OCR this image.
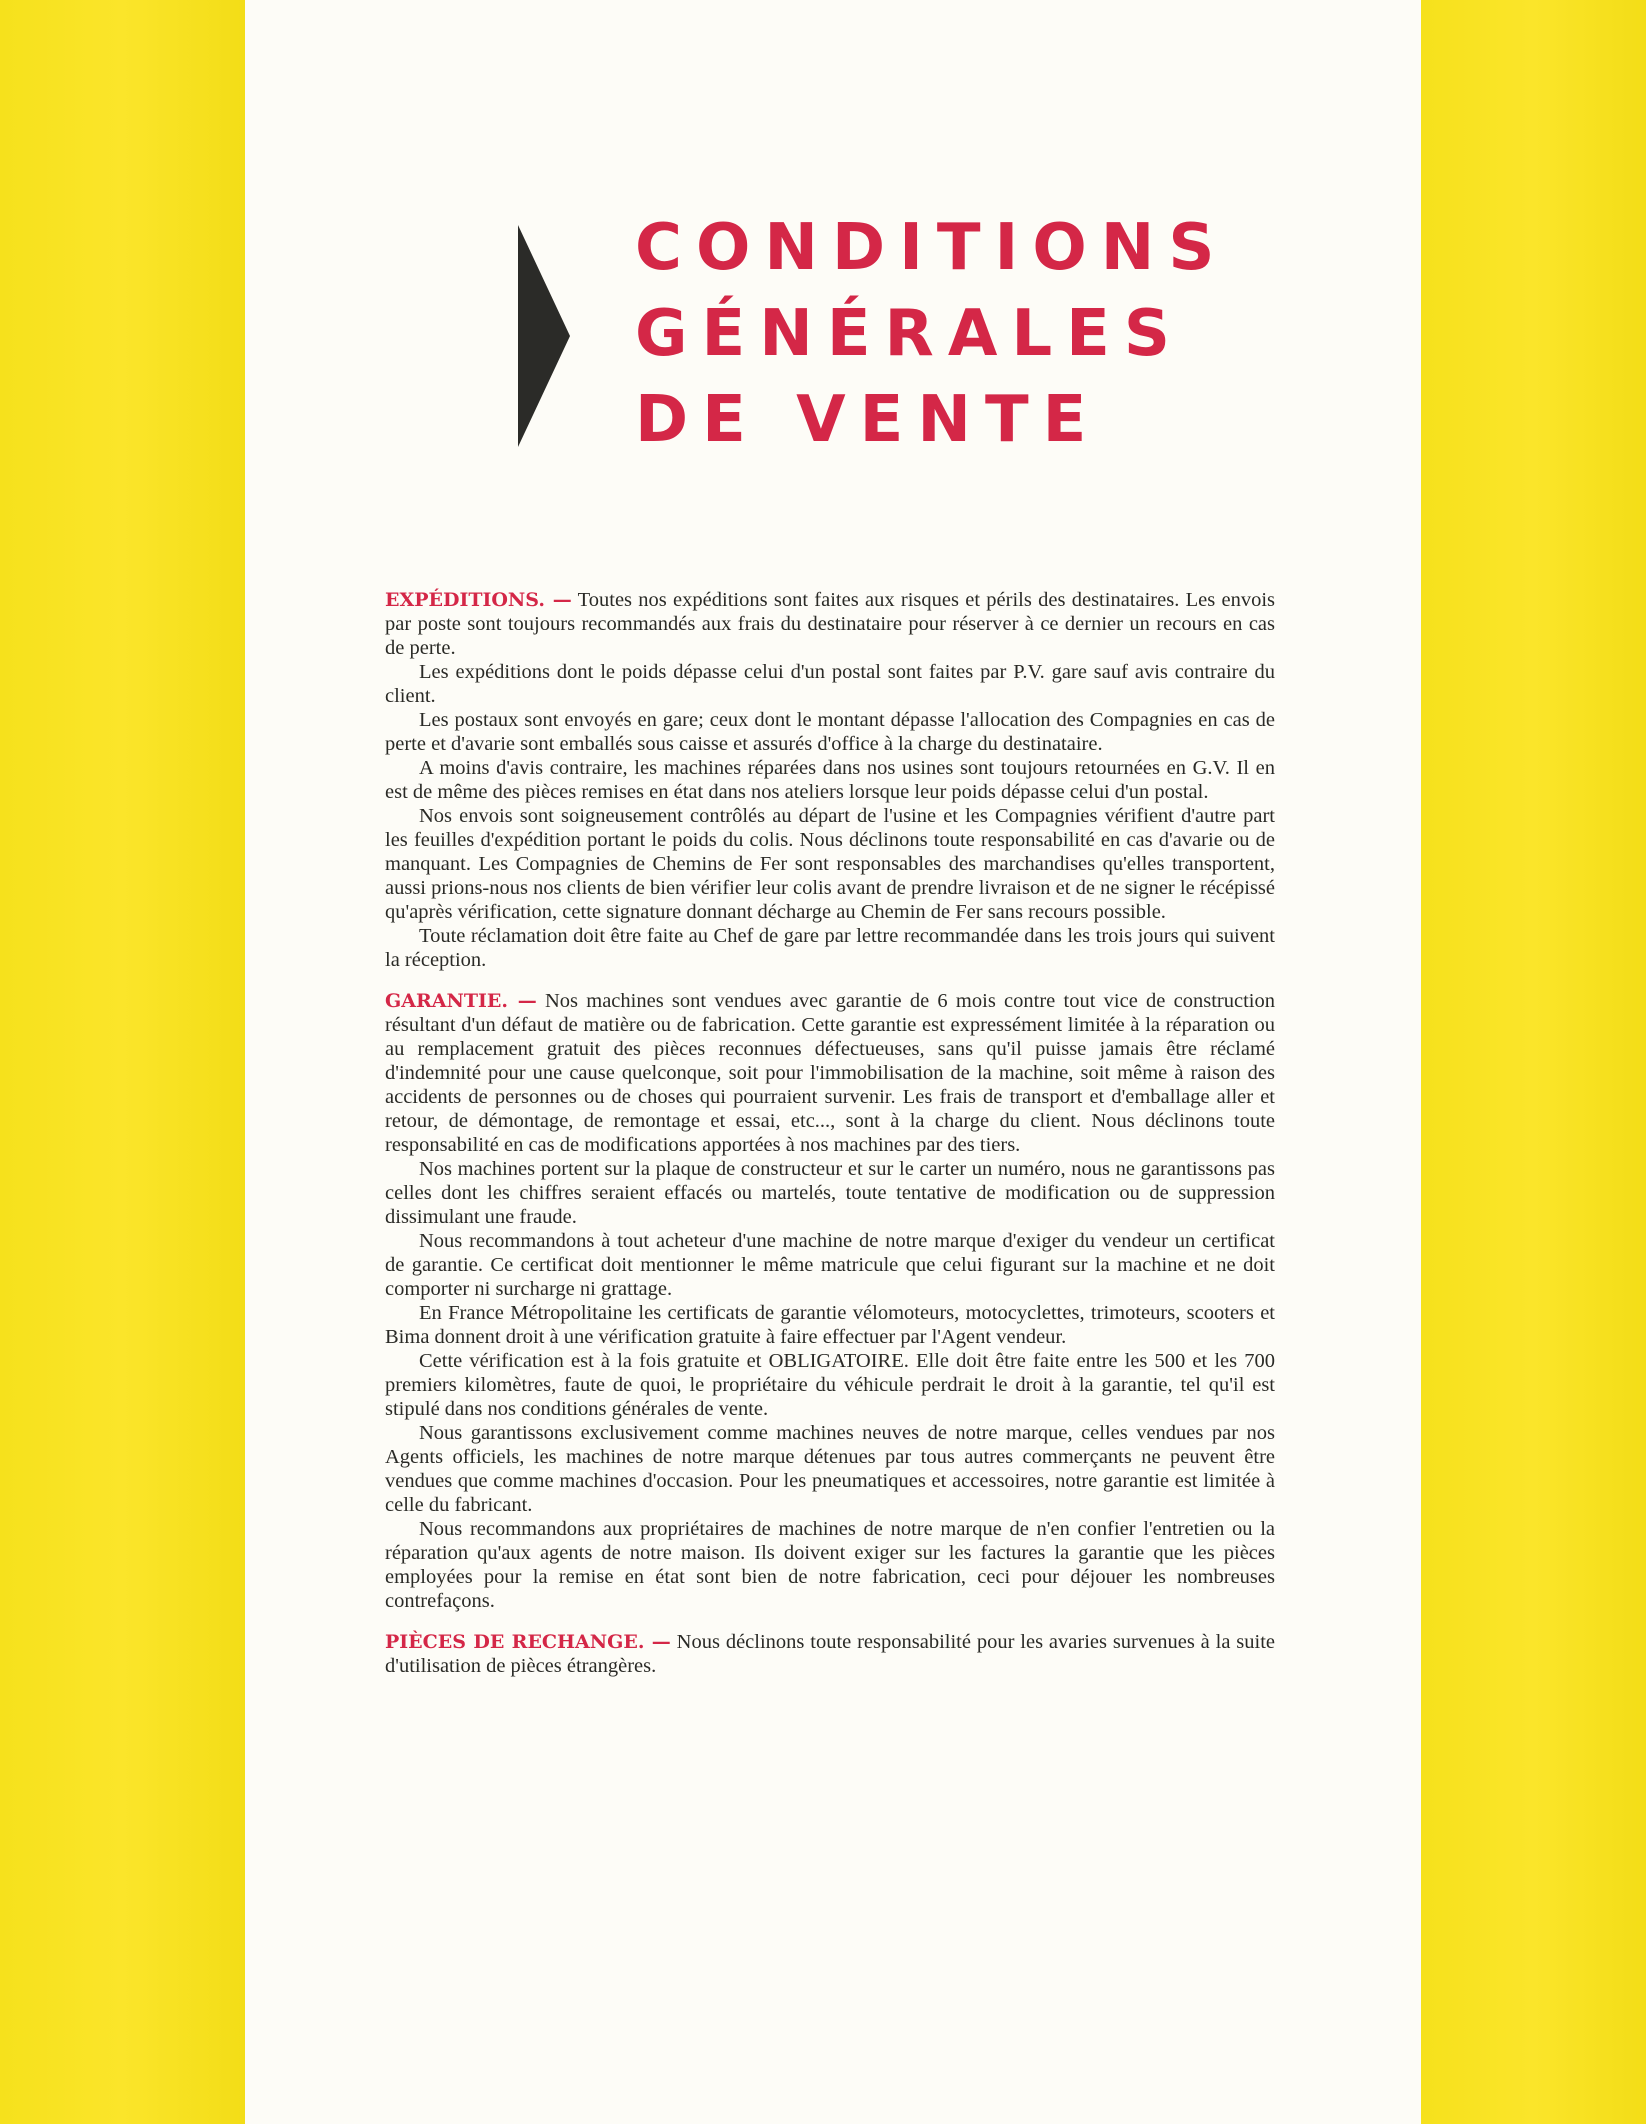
CONDITIONS
GÉNÉRALES
DE VENTE

EXPÉDITIONS. — Toutes nos expéditions sont faites aux risques et périls des destinataires. Les envois par poste sont toujours recommandés aux frais du destinataire pour réserver à ce dernier un recours en cas de perte.

Les expéditions dont le poids dépasse celui d'un postal sont faites par P.V. gare sauf avis contraire du client.

Les postaux sont envoyés en gare; ceux dont le montant dépasse l'allocation des Compagnies en cas de perte et d'avarie sont emballés sous caisse et assurés d'office à la charge du destinataire.

A moins d'avis contraire, les machines réparées dans nos usines sont toujours retournées en G.V. Il en est de même des pièces remises en état dans nos ateliers lorsque leur poids dépasse celui d'un postal.

Nos envois sont soigneusement contrôlés au départ de l'usine et les Compagnies vérifient d'autre part les feuilles d'expédition portant le poids du colis. Nous déclinons toute responsabilité en cas d'avarie ou de manquant. Les Compagnies de Chemins de Fer sont responsables des marchandises qu'elles transportent, aussi prions-nous nos clients de bien vérifier leur colis avant de prendre livraison et de ne signer le récépissé qu'après vérification, cette signature donnant décharge au Chemin de Fer sans recours possible.

Toute réclamation doit être faite au Chef de gare par lettre recommandée dans les trois jours qui suivent la réception.

GARANTIE. — Nos machines sont vendues avec garantie de 6 mois contre tout vice de construction résultant d'un défaut de matière ou de fabrication. Cette garantie est expressément limitée à la réparation ou au remplacement gratuit des pièces reconnues défectueuses, sans qu'il puisse jamais être réclamé d'indemnité pour une cause quelconque, soit pour l'immobilisation de la machine, soit même à raison des accidents de personnes ou de choses qui pourraient survenir. Les frais de transport et d'emballage aller et retour, de démontage, de remontage et essai, etc..., sont à la charge du client. Nous déclinons toute responsabilité en cas de modifications apportées à nos machines par des tiers.

Nos machines portent sur la plaque de constructeur et sur le carter un numéro, nous ne garantissons pas celles dont les chiffres seraient effacés ou martelés, toute tentative de modification ou de suppression dissimulant une fraude.

Nous recommandons à tout acheteur d'une machine de notre marque d'exiger du vendeur un certificat de garantie. Ce certificat doit mentionner le même matricule que celui figurant sur la machine et ne doit comporter ni surcharge ni grattage.

En France Métropolitaine les certificats de garantie vélomoteurs, motocyclettes, trimoteurs, scooters et Bima donnent droit à une vérification gratuite à faire effectuer par l'Agent vendeur.

Cette vérification est à la fois gratuite et OBLIGATOIRE. Elle doit être faite entre les 500 et les 700 premiers kilomètres, faute de quoi, le propriétaire du véhicule perdrait le droit à la garantie, tel qu'il est stipulé dans nos conditions générales de vente.

Nous garantissons exclusivement comme machines neuves de notre marque, celles vendues par nos Agents officiels, les machines de notre marque détenues par tous autres commerçants ne peuvent être vendues que comme machines d'occasion. Pour les pneumatiques et accessoires, notre garantie est limitée à celle du fabricant.

Nous recommandons aux propriétaires de machines de notre marque de n'en confier l'entretien ou la réparation qu'aux agents de notre maison. Ils doivent exiger sur les factures la garantie que les pièces employées pour la remise en état sont bien de notre fabrication, ceci pour déjouer les nombreuses contrefaçons.

PIÈCES DE RECHANGE. — Nous déclinons toute responsabilité pour les avaries survenues à la suite d'utilisation de pièces étrangères.
